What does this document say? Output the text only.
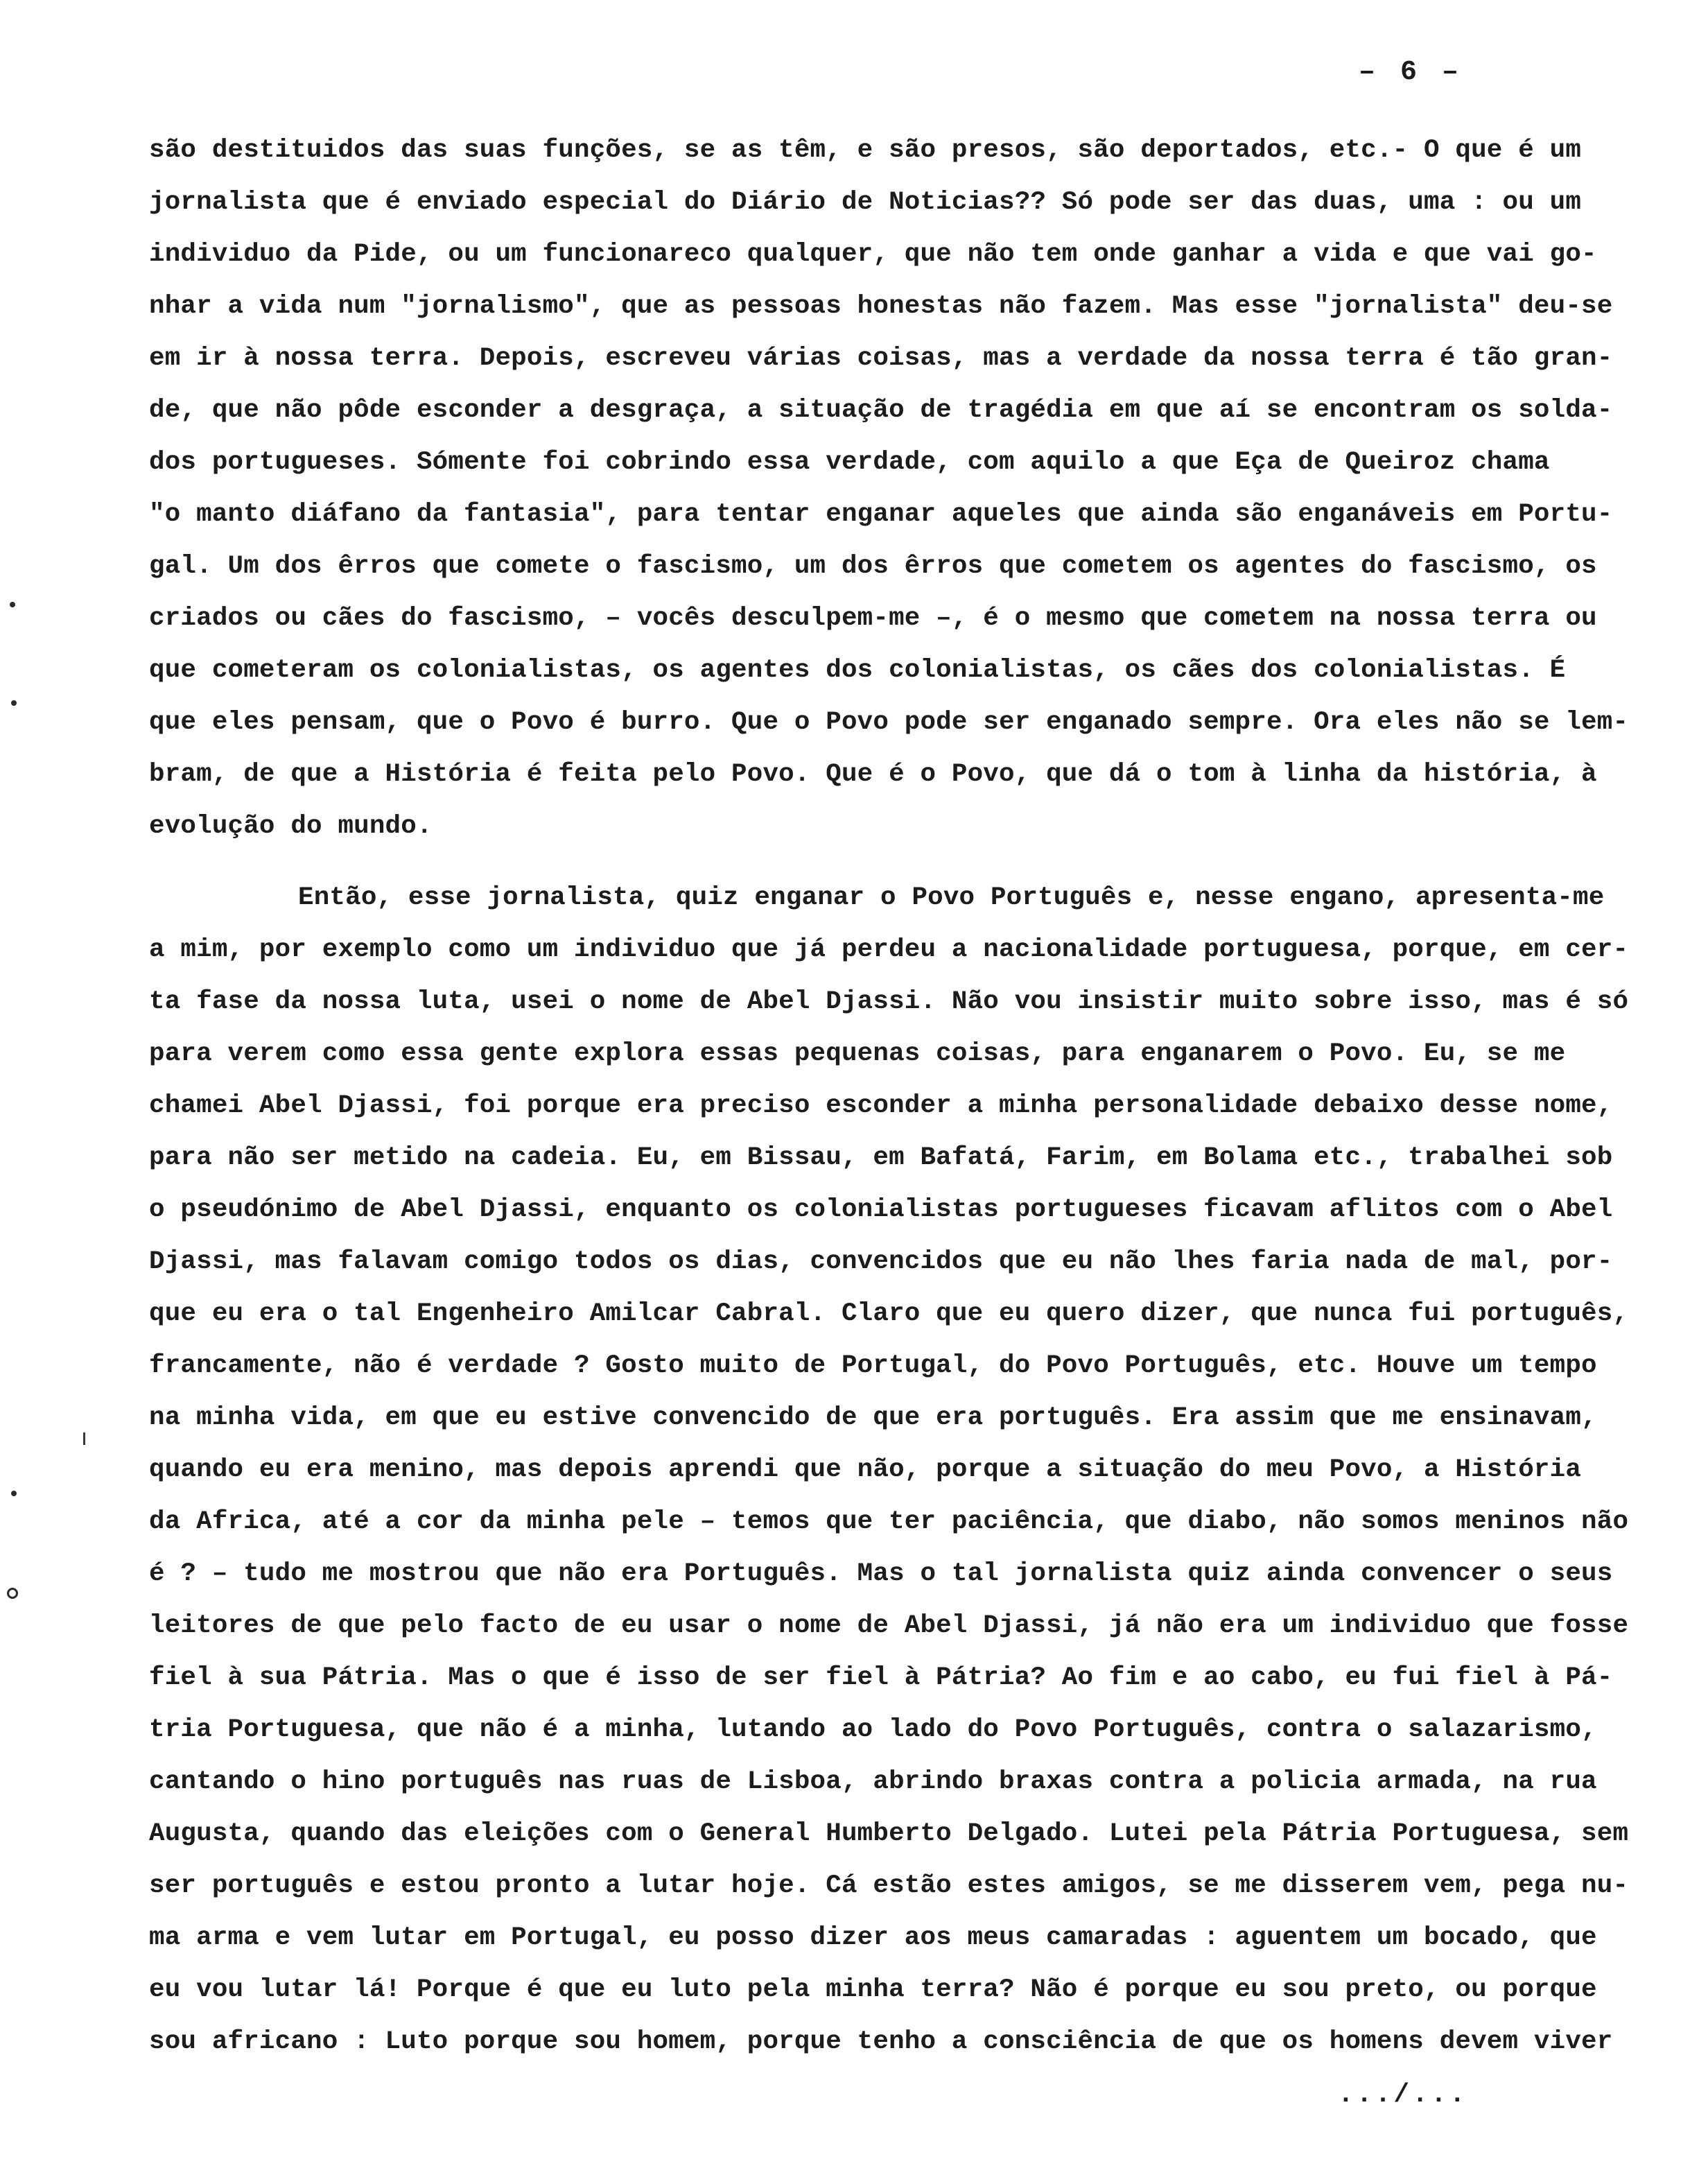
– 6 –
são destituidos das suas funções, se as têm, e são presos, são deportados, etc.- O que é um
jornalista que é enviado especial do Diário de Noticias?? Só pode ser das duas, uma : ou um
individuo da Pide, ou um funcionareco qualquer, que não tem onde ganhar a vida e que vai go-
nhar a vida num "jornalismo", que as pessoas honestas não fazem. Mas esse "jornalista" deu-se
em ir à nossa terra. Depois, escreveu várias coisas, mas a verdade da nossa terra é tão gran-
de, que não pôde esconder a desgraça, a situação de tragédia em que aí se encontram os solda-
dos portugueses. Sómente foi cobrindo essa verdade, com aquilo a que Eça de Queiroz chama
"o manto diáfano da fantasia", para tentar enganar aqueles que ainda são enganáveis em Portu-
gal. Um dos êrros que comete o fascismo, um dos êrros que cometem os agentes do fascismo, os
criados ou cães do fascismo, – vocês desculpem-me –, é o mesmo que cometem na nossa terra ou
que cometeram os colonialistas, os agentes dos colonialistas, os cães dos colonialistas. É
que eles pensam, que o Povo é burro. Que o Povo pode ser enganado sempre. Ora eles não se lem-
bram, de que a História é feita pelo Povo. Que é o Povo, que dá o tom à linha da história, à
evolução do mundo.
Então, esse jornalista, quiz enganar o Povo Português e, nesse engano, apresenta-me
a mim, por exemplo como um individuo que já perdeu a nacionalidade portuguesa, porque, em cer-
ta fase da nossa luta, usei o nome de Abel Djassi. Não vou insistir muito sobre isso, mas é só
para verem como essa gente explora essas pequenas coisas, para enganarem o Povo. Eu, se me
chamei Abel Djassi, foi porque era preciso esconder a minha personalidade debaixo desse nome,
para não ser metido na cadeia. Eu, em Bissau, em Bafatá, Farim, em Bolama etc., trabalhei sob
o pseudónimo de Abel Djassi, enquanto os colonialistas portugueses ficavam aflitos com o Abel
Djassi, mas falavam comigo todos os dias, convencidos que eu não lhes faria nada de mal, por-
que eu era o tal Engenheiro Amilcar Cabral. Claro que eu quero dizer, que nunca fui português,
francamente, não é verdade ? Gosto muito de Portugal, do Povo Português, etc. Houve um tempo
na minha vida, em que eu estive convencido de que era português. Era assim que me ensinavam,
quando eu era menino, mas depois aprendi que não, porque a situação do meu Povo, a História
da Africa, até a cor da minha pele – temos que ter paciência, que diabo, não somos meninos não
é ? – tudo me mostrou que não era Português. Mas o tal jornalista quiz ainda convencer o seus
leitores de que pelo facto de eu usar o nome de Abel Djassi, já não era um individuo que fosse
fiel à sua Pátria. Mas o que é isso de ser fiel à Pátria? Ao fim e ao cabo, eu fui fiel à Pá-
tria Portuguesa, que não é a minha, lutando ao lado do Povo Português, contra o salazarismo,
cantando o hino português nas ruas de Lisboa, abrindo braxas contra a policia armada, na rua
Augusta, quando das eleições com o General Humberto Delgado. Lutei pela Pátria Portuguesa, sem
ser português e estou pronto a lutar hoje. Cá estão estes amigos, se me disserem vem, pega nu-
ma arma e vem lutar em Portugal, eu posso dizer aos meus camaradas : aguentem um bocado, que
eu vou lutar lá! Porque é que eu luto pela minha terra? Não é porque eu sou preto, ou porque
sou africano : Luto porque sou homem, porque tenho a consciência de que os homens devem viver
.../...
